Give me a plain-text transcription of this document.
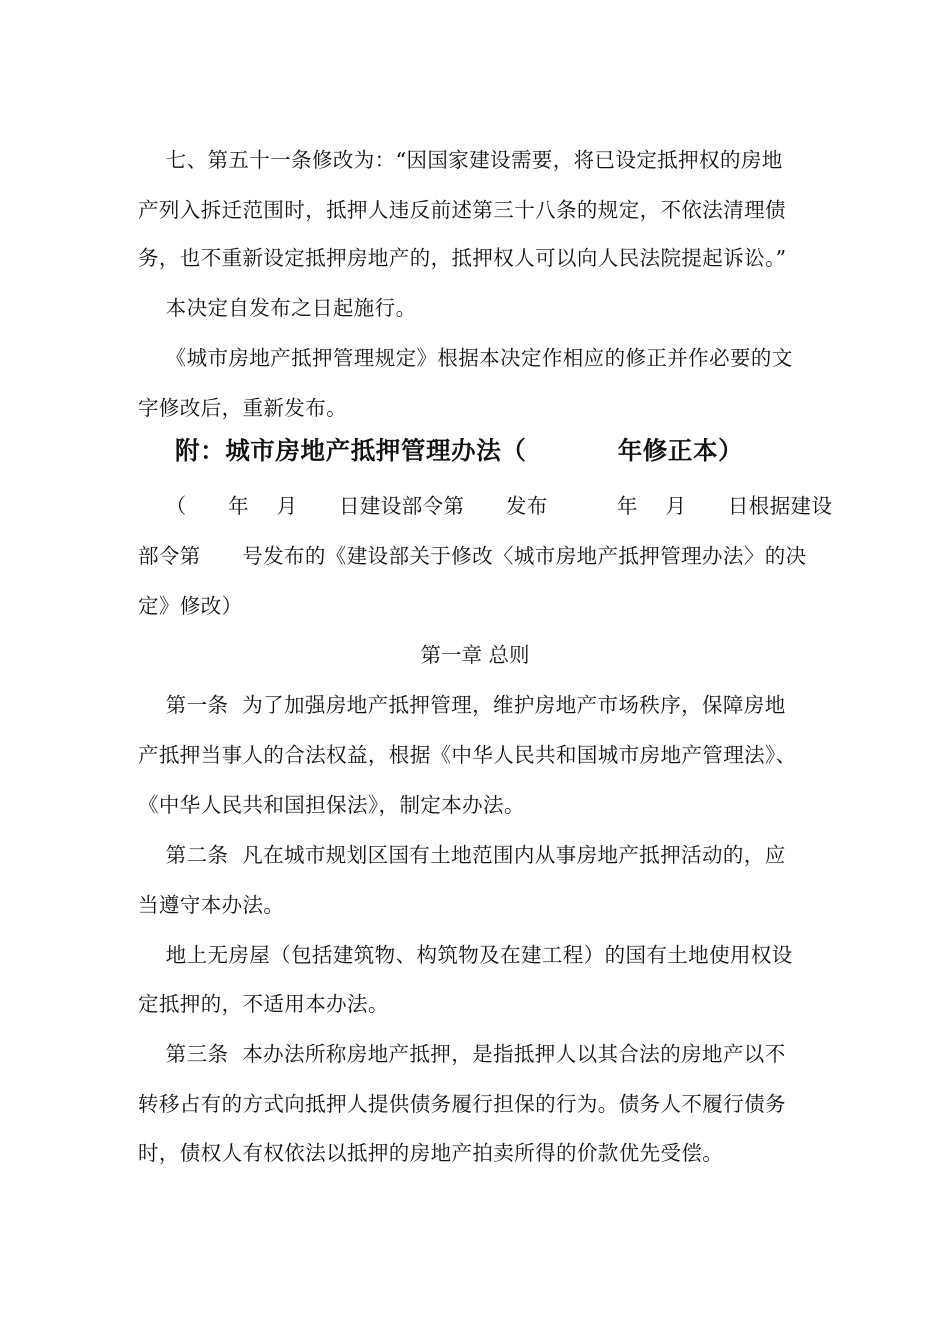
七、第五十一条修改为：“因国家建设需要，将已设定抵押权的房地
产列入拆迁范围时，抵押人违反前述第三十八条的规定，不依法清理债
务，也不重新设定抵押房地产的，抵押权人可以向人民法院提起诉讼。”
本决定自发布之日起施行。
《城市房地产抵押管理规定》根据本决定作相应的修正并作必要的文
字修改后，重新发布。
附：城市房地产抵押管理办法（          年修正本）
（      年    月      日建设部令第      发布          年    月      日根据建设
部令第      号发布的《建设部关于修改〈城市房地产抵押管理办法〉的决
定》修改）
第一章 总则
第一条  为了加强房地产抵押管理，维护房地产市场秩序，保障房地
产抵押当事人的合法权益，根据《中华人民共和国城市房地产管理法》、
《中华人民共和国担保法》，制定本办法。
第二条  凡在城市规划区国有土地范围内从事房地产抵押活动的，应
当遵守本办法。
地上无房屋（包括建筑物、构筑物及在建工程）的国有土地使用权设
定抵押的，不适用本办法。
第三条  本办法所称房地产抵押，是指抵押人以其合法的房地产以不
转移占有的方式向抵押人提供债务履行担保的行为。债务人不履行债务
时，债权人有权依法以抵押的房地产拍卖所得的价款优先受偿。
